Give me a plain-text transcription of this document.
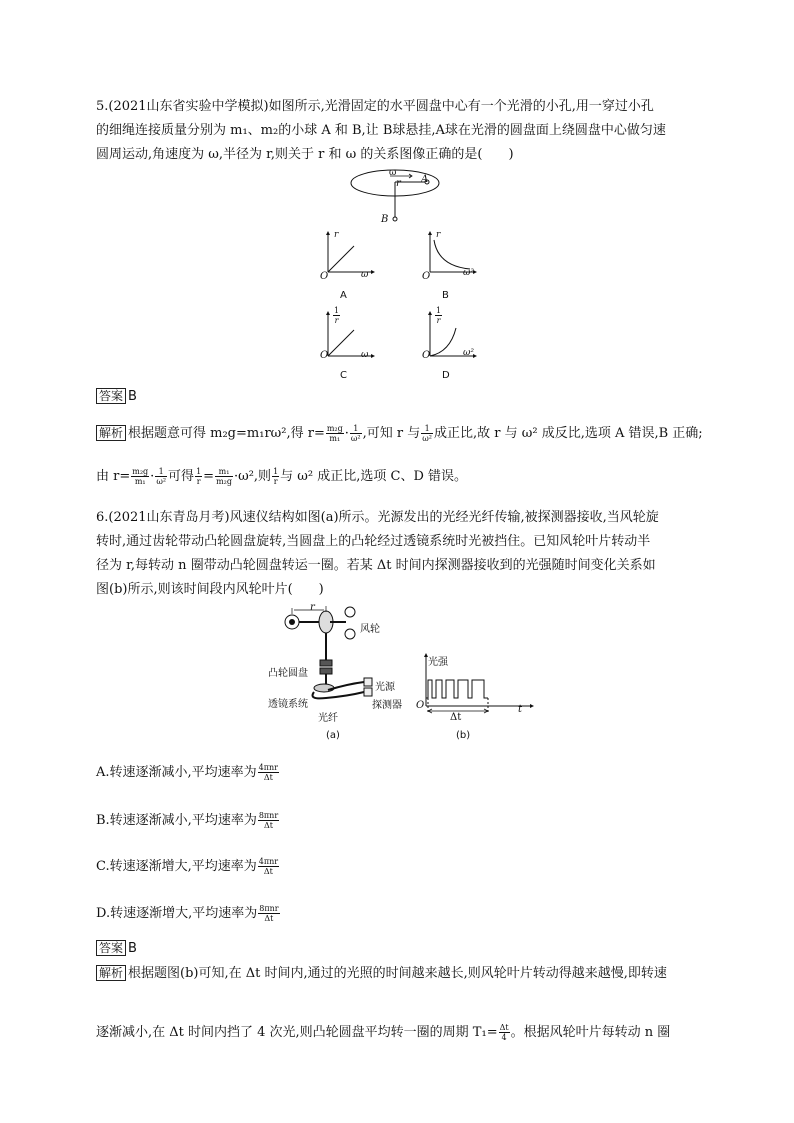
5.(2021山东省实验中学模拟)如图所示,光滑固定的水平圆盘中心有一个光滑的小孔,用一穿过小孔
的细绳连接质量分别为 m₁、m₂的小球 A 和 B,让 B球悬挂,A球在光滑的圆盘面上绕圆盘中心做匀速
圆周运动,角速度为 ω,半径为 r,则关于 r 和 ω 的关系图像正确的是(　　)
ω
r A
B
r
O	ω
A
r
O	ω²
B
$\frac{1}{r}$
O	ω
C
$\frac{1}{r}$
O	ω²
D
答案 B
解析 根据题意可得 m₂g=m₁rω²,得 $r= \frac{\text{m₂g}}{\text{m₁}} \cdot \frac{1}{\text{ω²}}$ ,可知 r 与 $\frac{1}{\text{ω²}}$ 成正比,故 r 与 ω² 成反比,选项 A 错误,B 正确;
由 $r= \frac{\text{m₂g}}{\text{m₁}} \cdot \frac{1}{\text{ω²}}$ 可得 $\frac{1}{r} = \frac{\text{m₁}}{\text{m₂g}} \cdot\omega^2$,则 $\frac{1}{r}$ 与 ω² 成正比,选项 C、D 错误。
6.(2021山东青岛月考)风速仪结构如图(a)所示。光源发出的光经光纤传输,被探测器接收,当风轮旋
转时,通过齿轮带动凸轮圆盘旋转,当圆盘上的凸轮经过透镜系统时光被挡住。已知风轮叶片转动半
径为 r,每转动 n 圈带动凸轮圆盘转运一圈。若某 Δt 时间内探测器接收到的光强随时间变化关系如
图(b)所示,则该时间段内风轮叶片(　　)
r
风轮
凸轮圆盘
光源
透镜系统	探测器
光纤
(a)
光强
O	t
Δt
(b)
A.转速逐渐减小,平均速率为 $\frac{\text{4πnr}}{\Delta t}$
B.转速逐渐减小,平均速率为 $\frac{\text{8πnr}}{\Delta t}$
C.转速逐渐增大,平均速率为 $\frac{\text{4πnr}}{\Delta t}$
D.转速逐渐增大,平均速率为 $\frac{\text{8πnr}}{\Delta t}$
答案 B
解析 根据题图(b)可知,在 Δt 时间内,通过的光照的时间越来越长,则风轮叶片转动得越来越慢,即转速
逐渐减小,在 Δt 时间内挡了 4 次光,则凸轮圆盘平均转一圈的周期 $T_1= \frac{\Delta t}{4}$ 。根据风轮叶片每转动 n 圈
